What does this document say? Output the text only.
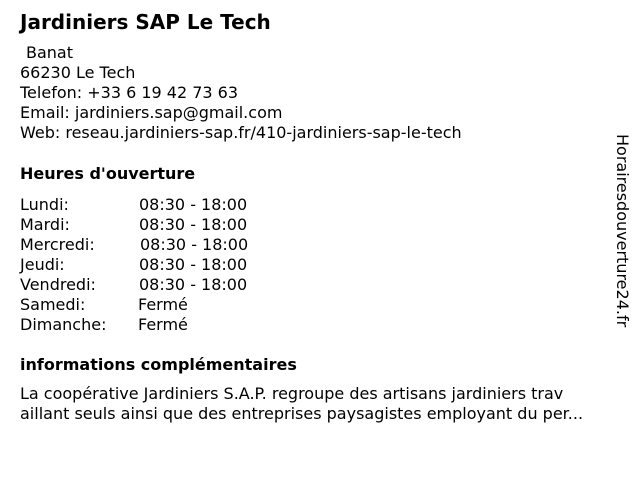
Jardiniers SAP Le Tech
Banat
66230 Le Tech
Telefon: +33 6 19 42 73 63
Email: jardiniers.sap@gmail.com
Web: reseau.jardiniers-sap.fr/410-jardiniers-sap-le-tech
Heures d'ouverture
Lundi:	08:30 - 18:00
Mardi:	08:30 - 18:00
Mercredi:	08:30 - 18:00
Jeudi:	08:30 - 18:00
Vendredi:	08:30 - 18:00
Samedi:	Fermé
Dimanche: Fermé
informations complémentaires
La coopérative Jardiniers S.A.P. regroupe des artisans jardiniers trav
aillant seuls ainsi que des entreprises paysagistes employant du per...
Horairesdouverture24.fr
